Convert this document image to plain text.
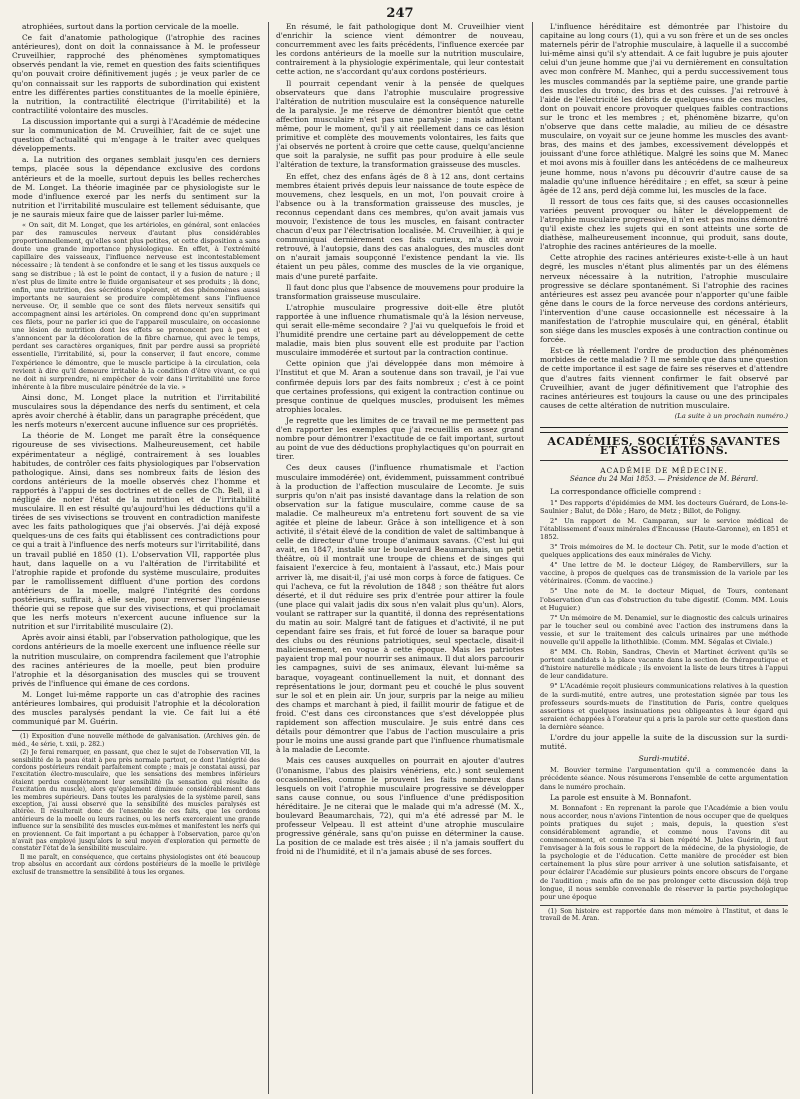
247

atrophiées, surtout dans la portion cervicale de la moelle.

Ce fait d'anatomie pathologique (l'atrophie des racines antérieures), dont on doit la connaissance à M. le professeur Cruveilhier, rapproché des phénomènes symptomatiques observés pendant la vie, remet en question des faits scientifiques qu'on pouvait croire définitivement jugés ; je veux parler de ce qu'on connaissait sur les rapports de subordination qui existent entre les différentes parties constituantes de la moelle épinière, la nutrition, la contractilité électrique (l'irritabilité) et la contractilité volontaire des muscles.

La discussion importante qui a surgi à l'Académie de médecine sur la communication de M. Cruveilhier, fait de ce sujet une question d'actualité qui m'engage à le traiter avec quelques développements.

a. La nutrition des organes semblait jusqu'en ces derniers temps, placée sous la dépendance exclusive des cordons antérieurs et de la moelle, surtout depuis les belles recherches de M. Longet. La théorie imaginée par ce physiologiste sur le mode d'influence exercé par les nerfs du sentiment sur la nutrition et l'irritabilité musculaire est tellement séduisante, que je ne saurais mieux faire que de laisser parler lui-même.

« On sait, dit M. Longet, que les artérioles, en général, sont enlacées par des ramuscules nerveux d'autant plus considérables proportionnellement, qu'elles sont plus petites, et cette disposition a sans doute une grande importance physiologique. En effet, à l'extrémité capillaire des vaisseaux, l'influence nerveuse est incontestablement nécessaire ; là tendent à se confondre et le sang et les tissus auxquels ce sang se distribue ; là est le point de contact, il y a fusion de nature ; il n'est plus de limite entre le fluide organisateur et ses produits ; là donc, enfin, une nutrition, des sécrétions s'opèrent, et des phénomènes aussi importants ne sauraient se produire complètement sans l'influence nerveuse. Or, il semble que ce sont des filets nerveux sensitifs qui accompagnent ainsi les artérioles. On comprend donc qu'en supprimant ces filets, pour ne parler ici que de l'appareil musculaire, on occasionne une lésion de nutrition dont les effets se prononcent peu à peu et s'annoncent par la décoloration de la fibre charnue, qui avec le temps, perdant ses caractères organiques, finit par perdre aussi sa propriété essentielle, l'irritabilité, si, pour la conserver, il faut encore, comme l'expérience le démontre, que le muscle participe à la circulation, cela revient à dire qu'il demeure irritable à la condition d'être vivant, ce qui ne doit ni surprendre, ni empêcher de voir dans l'irritabilité une force inhérente à la fibre musculaire pénétrée de la vie. »

Ainsi donc, M. Longet place la nutrition et l'irritabilité musculaires sous la dépendance des nerfs du sentiment, et cela après avoir cherché à établir, dans un paragraphe précédent, que les nerfs moteurs n'exercent aucune influence sur ces propriétés.

La théorie de M. Longet me paraît être la conséquence rigoureuse de ses vivisections. Malheureusement, cet habile expérimentateur a négligé, contrairement à ses louables habitudes, de contrôler ces faits physiologiques par l'observation pathologique. Ainsi, dans ses nombreux faits de lésion des cordons antérieurs de la moelle observés chez l'homme et rapportés à l'appui de ses doctrines et de celles de Ch. Bell, il a négligé de noter l'état de la nutrition et de l'irritabilité musculaire. Il en est résulté qu'aujourd'hui les déductions qu'il a tirées de ses vivisections se trouvent en contradiction manifeste avec les faits pathologiques que j'ai observés. J'ai déjà exposé quelques-uns de ces faits qui établissent ces contradictions pour ce qui a trait à l'influence des nerfs moteurs sur l'irritabilité, dans un travail publié en 1850 (1). L'observation VII, rapportée plus haut, dans laquelle on a vu l'altération de l'irritabilité et l'atrophie rapide et profonde du système musculaire, produites par le ramollissement diffluent d'une portion des cordons antérieurs de la moelle, malgré l'intégrité des cordons postérieurs, suffirait, à elle seule, pour renverser l'ingénieuse théorie qui se repose que sur des vivisections, et qui proclamait que les nerfs moteurs n'exercent aucune influence sur la nutrition et sur l'irritabilité musculaire (2).

Après avoir ainsi établi, par l'observation pathologique, que les cordons antérieurs de la moelle exercent une influence réelle sur la nutrition musculaire, on comprendra facilement que l'atrophie des racines antérieures de la moelle, peut bien produire l'atrophie et la désorganisation des muscles qui se trouvent privés de l'influence qui émane de ces cordons.

M. Longet lui-même rapporte un cas d'atrophie des racines antérieures lombaires, qui produisit l'atrophie et la décoloration des muscles paralysés pendant la vie. Ce fait lui a été communiqué par M. Guérin.

(1) Exposition d'une nouvelle méthode de galvanisation. (Archives gén. de méd., 4e série, t. xxii, p. 282.)

(2) Je ferai remarquer, en passant, que chez le sujet de l'observation VII, la sensibilité de la peau était à peu près normale partout, ce dont l'intégrité des cordons postérieurs rendait parfaitement compte ; mais je constatai aussi, par l'excitation électro-musculaire, que les sensations des membres inférieurs étaient perdus complètement leur sensibilité (la sensation qui résulte de l'excitation du muscle), alors qu'également diminuée considérablement dans les membres supérieurs. Dans toutes les paralysies de la système pareil, sans exception, j'ai aussi observé que la sensibilité des muscles paralysés est altérée. Il résulterait donc de l'ensemble de ces faits, que les cordons antérieurs de la moelle ou leurs racines, ou les nerfs exerceraient une grande influence sur la sensibilité des muscles eux-mêmes et manifestent les nerfs qui en proviennent. Ce fait important a pu échapper à l'observation, parce qu'on n'avait pas employé jusqu'alors le seul moyen d'exploration qui permette de constater l'état de la sensibilité musculaire.

Il me paraît, en conséquence, que certains physiologistes ont été beaucoup trop absolus en accordant aux cordons postérieurs de la moelle le privilège exclusif de transmettre la sensibilité à tous les organes.

En résumé, le fait pathologique dont M. Cruveilhier vient d'enrichir la science vient démontrer de nouveau, concurremment avec les faits précédents, l'influence exercée par les cordons antérieurs de la moelle sur la nutrition musculaire, contrairement à la physiologie expérimentale, qui leur contestait cette action, ne s'accordant qu'aux cordons postérieurs.

Il pourrait cependant venir à la pensée de quelques observateurs que dans l'atrophie musculaire progressive l'altération de nutrition musculaire est la conséquence naturelle de la paralysie. Je me réserve de démontrer bientôt que cette affection musculaire n'est pas une paralysie ; mais admettant même, pour le moment, qu'il y ait réellement dans ce cas lésion primitive et complète des mouvements volontaires, les faits que j'ai observés ne portent à croire que cette cause, quelqu'ancienne que soit la paralysie, ne suffit pas pour produire à elle seule l'altération de texture, la transformation graisseuse des muscles.

En effet, chez des enfans âgés de 8 à 12 ans, dont certains membres étaient privés depuis leur naissance de toute espèce de mouvemens, chez lesquels, en un mot, l'on pouvait croire à l'absence ou à la transformation graisseuse des muscles, je reconnus cependant dans ces membres, qu'on avait jamais vus mouvoir, l'existence de tous les muscles, en faisant contracter chacun d'eux par l'électrisation localisée. M. Cruveilhier, à qui je communiquai dernièrement ces faits curieux, m'a dit avoir retrouvé, à l'autopsie, dans des cas analogues, des muscles dont on n'aurait jamais soupçonné l'existence pendant la vie. Ils étaient un peu pâles, comme des muscles de la vie organique, mais d'une pureté parfaite.

Il faut donc plus que l'absence de mouvemens pour produire la transformation graisseuse musculaire.

L'atrophie musculaire progressive doit-elle être plutôt rapportée à une influence rhumatismale qu'à la lésion nerveuse, qui serait elle-même secondaire ? J'ai vu quelquefois le froid et l'humidité prendre une certaine part au développement de cette maladie, mais bien plus souvent elle est produite par l'action musculaire immodérée et surtout par la contraction continue.

Cette opinion que j'ai développée dans mon mémoire à l'Institut et que M. Aran a soutenue dans son travail, je l'ai vue confirmée depuis lors par des faits nombreux ; c'est à ce point que certaines professions, qui exigent la contraction continue ou presque continue de quelques muscles, produisent les mêmes atrophies locales.

Je regrette que les limites de ce travail ne me permettent pas d'en rapporter les exemples que j'ai recueillis en assez grand nombre pour démontrer l'exactitude de ce fait important, surtout au point de vue des déductions prophylactiques qu'on pourrait en tirer.

Ces deux causes (l'influence rhumatismale et l'action musculaire immodérée) ont, évidemment, puissamment contribué à la production de l'affection musculaire de Lecomte. Je suis surpris qu'on n'ait pas insisté davantage dans la relation de son observation sur la fatigue musculaire, comme cause de sa maladie. Ce malheureux m'a entretenu fort souvent de sa vie agitée et pleine de labeur. Grâce à son intelligence et à son activité, il s'était élevé de la condition de valet de saltimbanque à celle de directeur d'une troupe d'animaux savans. (C'est lui qui avait, en 1847, installé sur le boulevard Beaumarchais, un petit théâtre, où il montrait une troupe de chiens et de singes qui faisaient l'exercice à feu, montaient à l'assaut, etc.) Mais pour arriver là, me disait-il, j'ai usé mon corps à force de fatigues. Ce qui l'acheva, ce fut la révolution de 1848 ; son théâtre fut alors déserté, et il dut réduire ses prix d'entrée pour attirer la foule (une place qui valait jadis dix sous n'en valait plus qu'un). Alors, voulant se rattraper sur la quantité, il donna des représentations du matin au soir. Malgré tant de fatigues et d'activité, il ne put cependant faire ses frais, et fut forcé de louer sa baraque pour des clubs ou des réunions patriotiques, seul spectacle, disait-il malicieusement, en vogue à cette époque. Mais les patriotes payaient trop mal pour nourrir ses animaux. Il dut alors parcourir les campagnes, suivi de ses animaux, élevant lui-même sa baraque, voyageant continuellement la nuit, et donnant des représentations le jour, dormant peu et couché le plus souvent sur le sol et en plein air. Un jour, surpris par la neige au milieu des champs et marchant à pied, il faillit mourir de fatigue et de froid. C'est dans ces circonstances que s'est développée plus rapidement son affection musculaire. Je suis entré dans ces détails pour démontrer que l'abus de l'action musculaire a pris pour le moins une aussi grande part que l'influence rhumatismale à la maladie de Lecomte.

Mais ces causes auxquelles on pourrait en ajouter d'autres (l'onanisme, l'abus des plaisirs vénériens, etc.) sont seulement occasionnelles, comme le prouvent les faits nombreux dans lesquels on voit l'atrophie musculaire progressive se développer sans cause connue, ou sous l'influence d'une prédisposition héréditaire. Je ne citerai que le malade qui m'a adressé (M. X., boulevard Beaumarchais, 72), qui m'a été adressé par M. le professeur Velpeau. Il est atteint d'une atrophie musculaire progressive générale, sans qu'on puisse en déterminer la cause. La position de ce malade est très aisée ; il n'a jamais souffert du froid ni de l'humidité, et il n'a jamais abusé de ses forces.

L'influence héréditaire est démontrée par l'histoire du capitaine au long cours (1), qui a vu son frère et un de ses oncles maternels périr de l'atrophie musculaire, à laquelle il a succombé lui-même ainsi qu'il s'y attendait. A ce fait lugubre je puis ajouter celui d'un jeune homme que j'ai vu dernièrement en consultation avec mon confrère M. Manhec, qui a perdu successivement tous les muscles commandés par la septième paire, une grande partie des muscles du tronc, des bras et des cuisses. J'ai retrouvé à l'aide de l'électricité les débris de quelques-uns de ces muscles, dont on pouvait encore provoquer quelques faibles contractions sur le tronc et les membres ; et, phénomène bizarre, qu'on n'observe que dans cette maladie, au milieu de ce désastre musculaire, on voyait sur ce jeune homme les muscles des avant-bras, des mains et des jambes, excessivement développés et jouissant d'une force athlétique. Malgré les soins que M. Manec et moi avons mis à fouiller dans les antécédens de ce malheureux jeune homme, nous n'avons pu découvrir d'autre cause de sa maladie qu'une influence héréditaire ; en effet, sa sœur à peine âgée de 12 ans, perd déjà comme lui, les muscles de la face.

Il ressort de tous ces faits que, si des causes occasionnelles variées peuvent provoquer ou hâter le développement de l'atrophie musculaire progressive, il n'en est pas moins démontré qu'il existe chez les sujets qui en sont atteints une sorte de diathèse, malheureusement inconnue, qui produit, sans doute, l'atrophie des racines antérieures de la moelle.

Cette atrophie des racines antérieures existe-t-elle à un haut degré, les muscles n'étant plus alimentés par un des élémens nerveux nécessaire à la nutrition, l'atrophie musculaire progressive se déclare spontanément. Si l'atrophie des racines antérieures est assez peu avancée pour n'apporter qu'une faible gêne dans le cours de la force nerveuse des cordons antérieurs, l'intervention d'une cause occasionnelle est nécessaire à la manifestation de l'atrophie musculaire qui, en général, établit son siége dans les muscles exposés à une contraction continue ou forcée.

Est-ce là réellement l'ordre de production des phénomènes morbides de cette maladie ? Il me semble que dans une question de cette importance il est sage de faire ses réserves et d'attendre que d'autres faits viennent confirmer le fait observé par Cruveilhier, avant de juger définitivement que l'atrophie des racines antérieures est toujours la cause ou une des principales causes de cette altération de nutrition musculaire.

(La suite à un prochain numéro.)
ACADÉMIES, SOCIÉTÉS SAVANTES ET ASSOCIATIONS.
ACADÉMIE DE MÉDECINE.
Séance du 24 Mai 1853. — Présidence de M. Bérard.

La correspondance officielle comprend :

1° Des rapports d'épidémies de MM. les docteurs Guérard, de Lons-le-Saulnier ; Balut, de Dôle ; Haro, de Metz ; Billot, de Poligny.

2° Un rapport de M. Camparan, sur le service médical de l'établissement d'eaux minérales d'Encausse (Haute-Garonne), en 1851 et 1852.

3° Trois mémoires de M. le docteur Ch. Petit, sur le mode d'action et quelques applications des eaux minérales de Vichy.

4° Une lettre de M. le docteur Liégey, de Rambervillers, sur la vaccine, à propos de quelques cas de transmission de la variole par les vétérinaires. (Comm. de vaccine.)

5° Une note de M. le docteur Miquel, de Tours, contenant l'observation d'un cas d'obstruction du tube digestif. (Comm. MM. Louis et Huguier.)

7° Un mémoire de M. Denamiel, sur le diagnostic des calculs urinaires par le toucher seul ou combiné avec l'action des instrumens dans la vessie, et sur le traitement des calculs urinaires par une méthode nouvelle qu'il appelle la lithothlibie. (Comm. MM. Ségalas et Civiale.)

8° MM. Ch. Robin, Sandras, Chevin et Martinet écrivent qu'ils se portent candidats à la place vacante dans la section de thérapeutique et d'histoire naturelle médicale ; ils envoient la liste de leurs titres à l'appui de leur candidature.

9° L'Académie reçoit plusieurs communications relatives à la question de la surdi-mutité, entre autres, une protestation signée par tous les professeurs sourds-muets de l'institution de Paris, contre quelques assertions et quelques insinuations peu obligeantes à leur égard qui seraient échappées à l'orateur qui a pris la parole sur cette question dans la dernière séance.

L'ordre du jour appelle la suite de la discussion sur la surdi-mutité.

Surdi-mutité.

M. Bouvier termine l'argumentation qu'il a commencée dans la précédente séance. Nous résumerons l'ensemble de cette argumentation dans le numéro prochain.

La parole est ensuite à M. Bonnafont.

M. Bonnafont : En reprenant la parole que l'Académie a bien voulu nous accorder, nous n'avions l'intention de nous occuper que de quelques points pratiques du sujet ; mais, depuis, la question s'est considérablement agrandie, et comme nous l'avons dit au commencement, et comme l'a si bien répété M. Jules Guérin, il faut l'envisager à la fois sous le rapport de la médecine, de la physiologie, de la psychologie et de l'éducation. Cette manière de procéder est bien certainement la plus sûre pour arriver à une solution satisfaisante, et pour éclairer l'Académie sur plusieurs points encore obscurs de l'organe de l'audition ; mais afin de ne pas prolonger cette discussion déjà trop longue, il nous semble convenable de réserver la partie psychologique pour une époque

(1) Son histoire est rapportée dans mon mémoire à l'Institut, et dans le travail de M. Aran.
